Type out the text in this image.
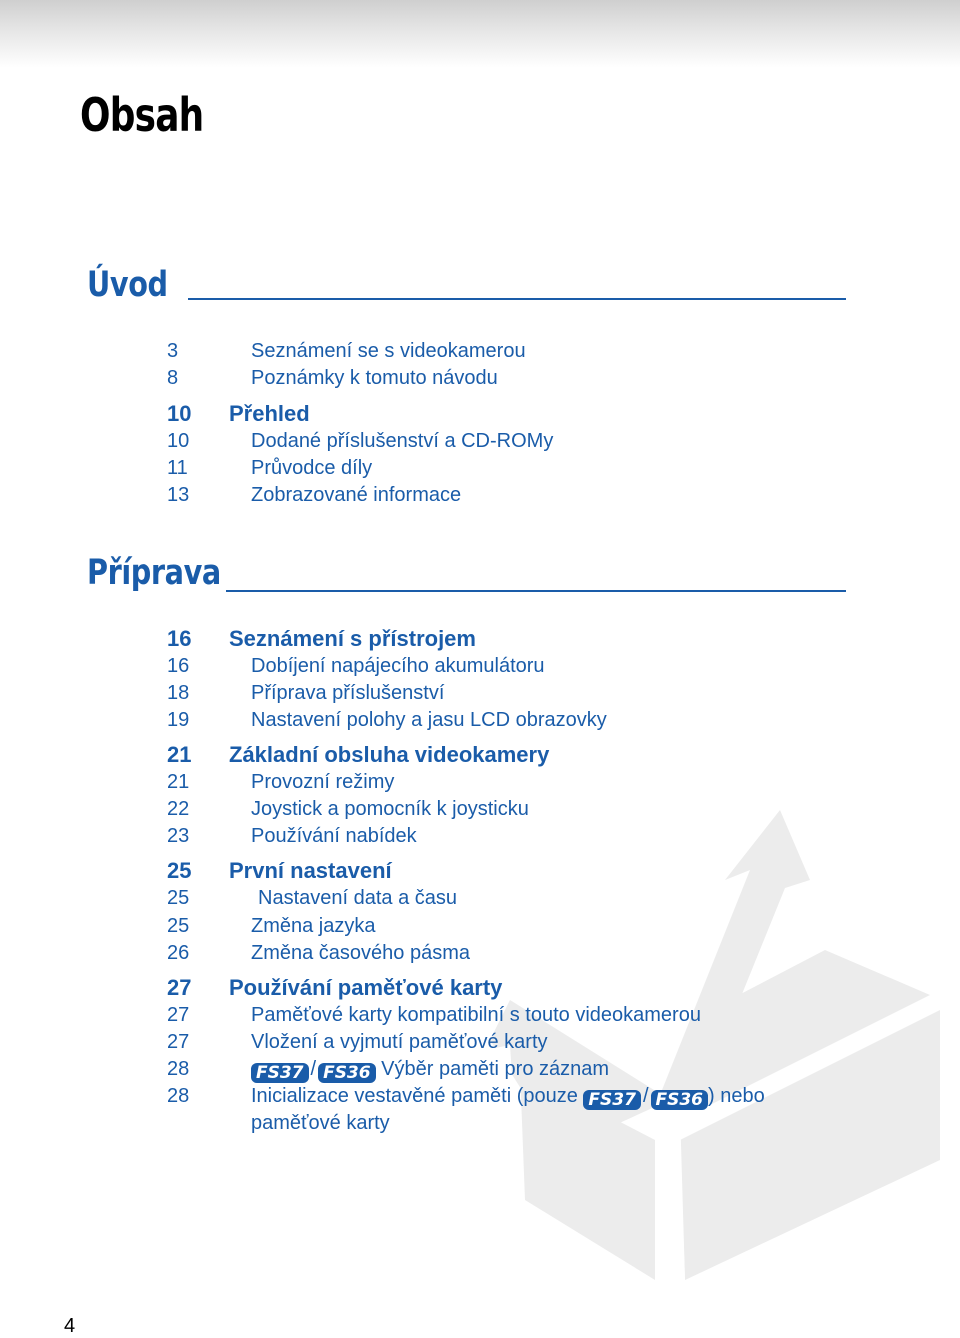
Obsah
Úvod
Příprava
3	Seznámení se s videokamerou
8	Poznámky k tomuto návodu
10 Přehled
10	Dodané příslušenství a CD-ROMy
11	Průvodce díly
13	Zobrazované informace
16 Seznámení s přístrojem
16	Dobíjení napájecího akumulátoru
18	Příprava příslušenství
19	Nastavení polohy a jasu LCD obrazovky
21 Základní obsluha videokamery
21	Provozní režimy
22	Joystick a pomocník k joysticku
23	Používání nabídek
25 První nastavení
25	Nastavení data a času
25	Změna jazyka
26	Změna časového pásma
27 Používání paměťové karty
27	Paměťové karty kompatibilní s touto videokamerou
27	Vložení a vyjmutí paměťové karty
28	FS37 / FS36 Výběr paměti pro záznam
28	Inicializace vestavěné paměti (pouze FS37 / FS36 ) nebo
paměťové karty
4
